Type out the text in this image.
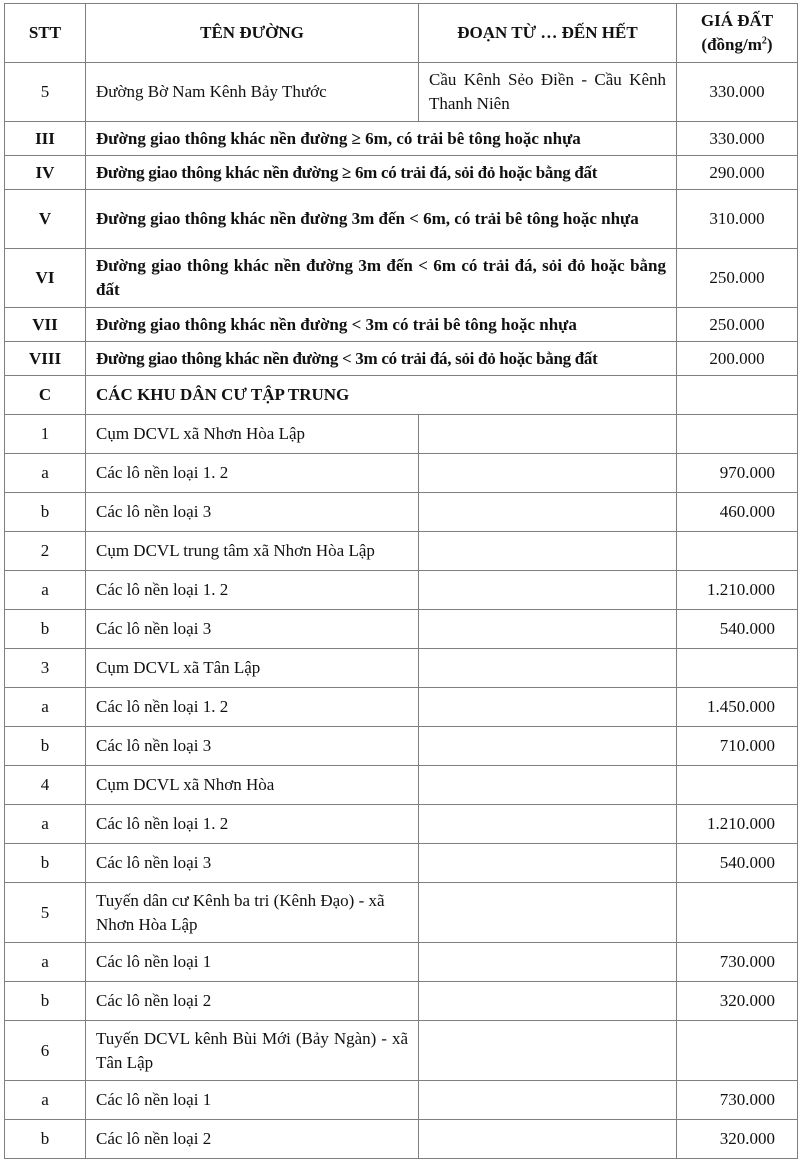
STT	TÊN ĐƯỜNG	ĐOẠN TỪ … ĐẾN HẾT	GIÁ ĐẤT
$(đồng/m^2)$
5	Đường Bờ Nam Kênh Bảy Thước	Cầu Kênh Sẻo Điền - Cầu Kênh Thanh Niên	330.000
III	Đường giao thông khác nền đường ≥ 6m, có trải bê tông hoặc nhựa		330.000
IV	Đường giao thông khác nền đường ≥ 6m có trải đá, sỏi đỏ hoặc bằng đất		290.000
V	Đường giao thông khác nền đường 3m đến < 6m, có trải bê tông hoặc nhựa		310.000
VI	Đường giao thông khác nền đường 3m đến < 6m có trải đá, sỏi đỏ hoặc bằng đất		250.000
VII	Đường giao thông khác nền đường < 3m có trải bê tông hoặc nhựa		250.000
VIII	Đường giao thông khác nền đường < 3m có trải đá, sỏi đỏ hoặc bằng đất		200.000
C	CÁC KHU DÂN CƯ TẬP TRUNG		
1	Cụm DCVL xã Nhơn Hòa Lập		
a	Các lô nền loại 1. 2		970.000
b	Các lô nền loại 3		460.000
2	Cụm DCVL trung tâm xã Nhơn Hòa Lập		
a	Các lô nền loại 1. 2		1.210.000
b	Các lô nền loại 3		540.000
3	Cụm DCVL xã Tân Lập		
a	Các lô nền loại 1. 2		1.450.000
b	Các lô nền loại 3		710.000
4	Cụm DCVL xã Nhơn Hòa		
a	Các lô nền loại 1. 2		1.210.000
b	Các lô nền loại 3		540.000
5	Tuyến dân cư Kênh ba tri (Kênh Đạo) - xã Nhơn Hòa Lập		
a	Các lô nền loại 1		730.000
b	Các lô nền loại 2		320.000
6	Tuyến DCVL kênh Bùi Mới (Bảy Ngàn) - xã Tân Lập		
a	Các lô nền loại 1		730.000
b	Các lô nền loại 2		320.000
